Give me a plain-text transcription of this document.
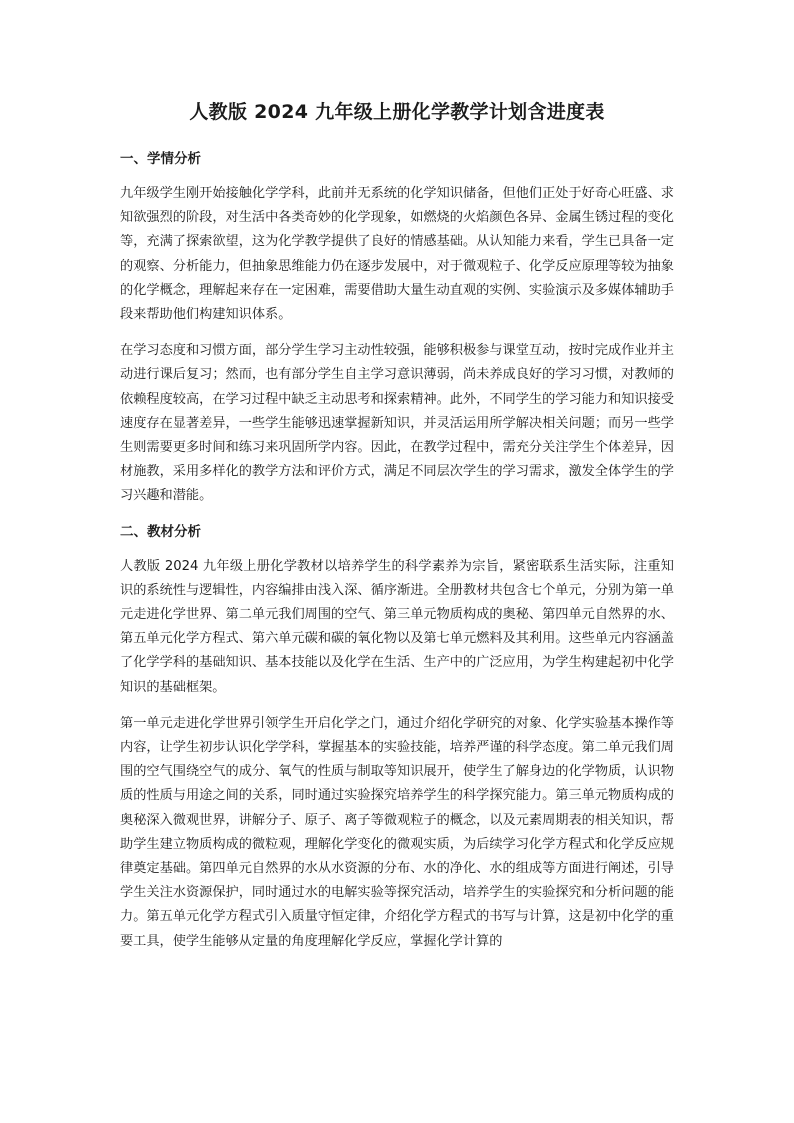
人教版 2024 九年级上册化学教学计划含进度表
一、学情分析

九年级学生刚开始接触化学学科，此前并无系统的化学知识储备，但他们正处于好奇心旺盛、求知欲强烈的阶段，对生活中各类奇妙的化学现象，如燃烧的火焰颜色各异、金属生锈过程的变化等，充满了探索欲望，这为化学教学提供了良好的情感基础。从认知能力来看，学生已具备一定的观察、分析能力，但抽象思维能力仍在逐步发展中，对于微观粒子、化学反应原理等较为抽象的化学概念，理解起来存在一定困难，需要借助大量生动直观的实例、实验演示及多媒体辅助手段来帮助他们构建知识体系。

在学习态度和习惯方面，部分学生学习主动性较强，能够积极参与课堂互动，按时完成作业并主动进行课后复习；然而，也有部分学生自主学习意识薄弱，尚未养成良好的学习习惯，对教师的依赖程度较高，在学习过程中缺乏主动思考和探索精神。此外，不同学生的学习能力和知识接受速度存在显著差异，一些学生能够迅速掌握新知识，并灵活运用所学解决相关问题；而另一些学生则需要更多时间和练习来巩固所学内容。因此，在教学过程中，需充分关注学生个体差异，因材施教，采用多样化的教学方法和评价方式，满足不同层次学生的学习需求，激发全体学生的学习兴趣和潜能。

二、教材分析

人教版 2024 九年级上册化学教材以培养学生的科学素养为宗旨，紧密联系生活实际，注重知识的系统性与逻辑性，内容编排由浅入深、循序渐进。全册教材共包含七个单元，分别为第一单元走进化学世界、第二单元我们周围的空气、第三单元物质构成的奥秘、第四单元自然界的水、第五单元化学方程式、第六单元碳和碳的氧化物以及第七单元燃料及其利用。这些单元内容涵盖了化学学科的基础知识、基本技能以及化学在生活、生产中的广泛应用，为学生构建起初中化学知识的基础框架。

第一单元走进化学世界引领学生开启化学之门，通过介绍化学研究的对象、化学实验基本操作等内容，让学生初步认识化学学科，掌握基本的实验技能，培养严谨的科学态度。第二单元我们周围的空气围绕空气的成分、氧气的性质与制取等知识展开，使学生了解身边的化学物质，认识物质的性质与用途之间的关系，同时通过实验探究培养学生的科学探究能力。第三单元物质构成的奥秘深入微观世界，讲解分子、原子、离子等微观粒子的概念，以及元素周期表的相关知识，帮助学生建立物质构成的微粒观，理解化学变化的微观实质，为后续学习化学方程式和化学反应规律奠定基础。第四单元自然界的水从水资源的分布、水的净化、水的组成等方面进行阐述，引导学生关注水资源保护，同时通过水的电解实验等探究活动，培养学生的实验探究和分析问题的能力。第五单元化学方程式引入质量守恒定律，介绍化学方程式的书写与计算，这是初中化学的重要工具，使学生能够从定量的角度理解化学反应，掌握化学计算的
